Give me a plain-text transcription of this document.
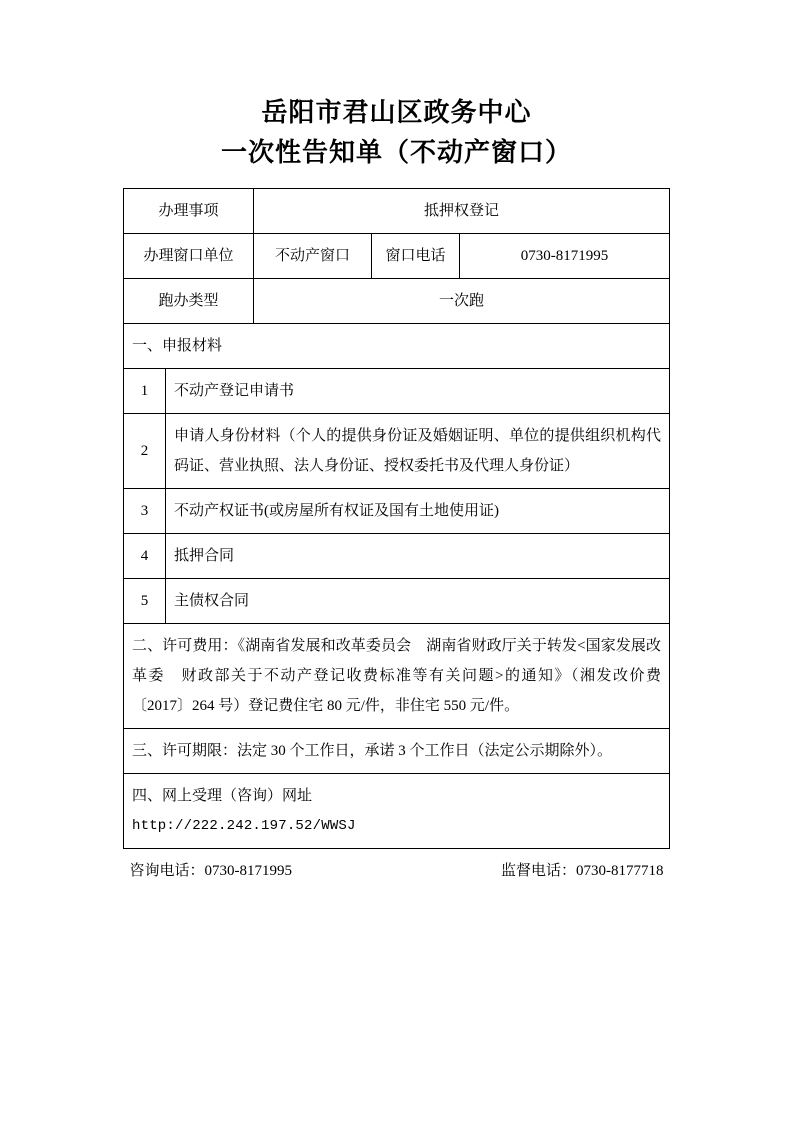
岳阳市君山区政务中心
一次性告知单（不动产窗口）
办理事项		抵押权登记		
办理窗口单位		不动产窗口	窗口电话	0730-8171995
跑办类型		一次跑		
一、申报材料				
1	不动产登记申请书			
2	申请人身份材料（个人的提供身份证及婚姻证明、单位的提供组织机构代码证、营业执照、法人身份证、授权委托书及代理人身份证）			
3	不动产权证书(或房屋所有权证及国有土地使用证)			
4	抵押合同			
5	主债权合同			
二、许可费用：《湖南省发展和改革委员会　湖南省财政厅关于转发<国家发展改革委　财政部关于不动产登记收费标准等有关问题>的通知》（湘发改价费〔2017〕264 号）登记费住宅 80 元/件，非住宅 550 元/件。				
三、许可期限：法定 30 个工作日，承诺 3 个工作日（法定公示期除外）。				

四、网上受理（咨询）网址
http://222.242.197.52/WWSJ				
咨询电话：0730-8171995	监督电话：0730-8177718
